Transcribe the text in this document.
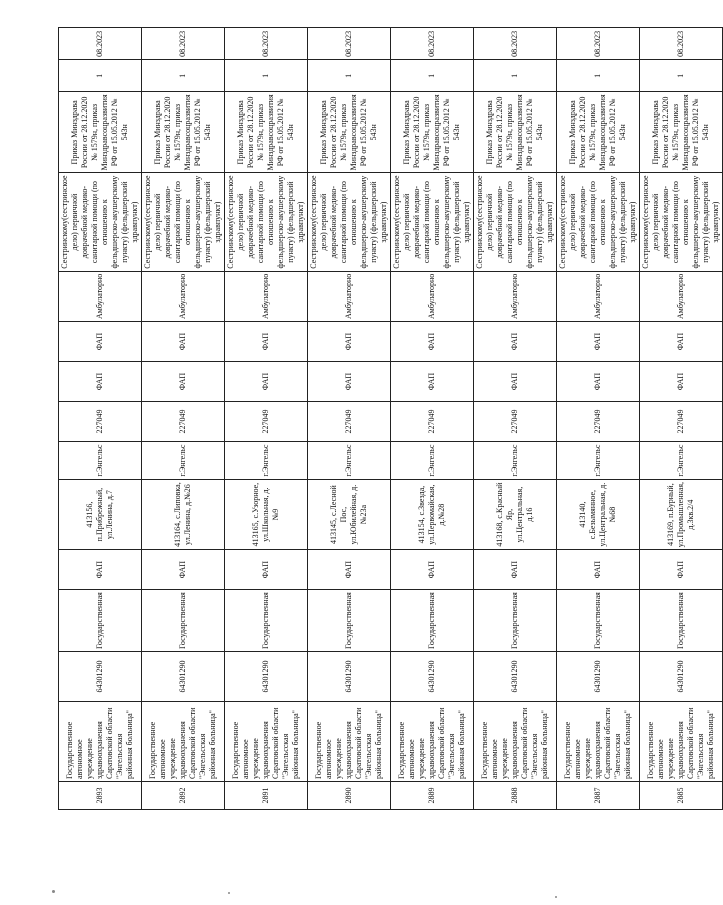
2893	Государственное автономное учреждение здравоохранения Саратовской области "Энгельсская районная больница"	64301290	Государственная	ФАП	413156, п.Прибрежный, ул.Ленина, д.7	г.Энгельс	227049	ФАП	ФАП	Амбулаторно	Сестринскому(сестринское дело) первичной доврачебной медико-санитарной помощи (по отношению к фельдшерско-акушерскому пункту) (фельдшерский здравпункт)	Приказ Минздрава России от 28.12.2020 № 1579н, приказ Минздравсоцразвития РФ от 15.05.2012 № 543н	1	08.2023
2892	Государственное автономное учреждение здравоохранения Саратовской области "Энгельсская районная больница"	64301290	Государственная	ФАП	413164, с.Липовка, ул.Ленина, д.№26	г.Энгельс	227049	ФАП	ФАП	Амбулаторно	Сестринскому(сестринское дело) первичной доврачебной медико-санитарной помощи (по отношению к фельдшерско-акушерскому пункту) (фельдшерский здравпункт)	Приказ Минздрава России от 28.12.2020 № 1579н, приказ Минздравсоцразвития РФ от 15.05.2012 № 543н	1	08.2023
2891	Государственное автономное учреждение здравоохранения Саратовской области "Энгельсская районная больница"	64301290	Государственная	ФАП	413165, с.Узорное, ул.Школьная, д.№9	г.Энгельс	227049	ФАП	ФАП	Амбулаторно	Сестринскому(сестринское дело) первичной доврачебной медико-санитарной помощи (по отношению к фельдшерско-акушерскому пункту) (фельдшерский здравпункт)	Приказ Минздрава России от 28.12.2020 № 1579н, приказ Минздравсоцразвития РФ от 15.05.2012 № 543н	1	08.2023
2890	Государственное автономное учреждение здравоохранения Саратовской области "Энгельсская районная больница"	64301290	Государственная	ФАП	413145, с.Лесной Пос, ул.Юбилейная, д.№23а	г.Энгельс	227049	ФАП	ФАП	Амбулаторно	Сестринскому(сестринское дело) первичной доврачебной медико-санитарной помощи (по отношению к фельдшерско-акушерскому пункту) (фельдшерский здравпункт)	Приказ Минздрава России от 28.12.2020 № 1579н, приказ Минздравсоцразвития РФ от 15.05.2012 № 543н	1	08.2023
2889	Государственное автономное учреждение здравоохранения Саратовской области "Энгельсская районная больница"	64301290	Государственная	ФАП	413154, с.Звезда, ул.Первомайская, д.№28	г.Энгельс	227049	ФАП	ФАП	Амбулаторно	Сестринскому(сестринское дело) первичной доврачебной медико-санитарной помощи (по отношению к фельдшерско-акушерскому пункту) (фельдшерский здравпункт)	Приказ Минздрава России от 28.12.2020 № 1579н, приказ Минздравсоцразвития РФ от 15.05.2012 № 543н	1	08.2023
2888	Государственное автономное учреждение здравоохранения Саратовской области "Энгельсская районная больница"	64301290	Государственная	ФАП	413168, с.Красный Яр, ул.Центральная, д.16	г.Энгельс	227049	ФАП	ФАП	Амбулаторно	Сестринскому(сестринское дело) первичной доврачебной медико-санитарной помощи (по отношению к фельдшерско-акушерскому пункту) (фельдшерский здравпункт)	Приказ Минздрава России от 28.12.2020 № 1579н, приказ Минздравсоцразвития РФ от 15.05.2012 № 543н	1	08.2023
2887	Государственное автономное учреждение здравоохранения Саратовской области "Энгельсская районная больница"	64301290	Государственная	ФАП	413140, с.Безымянное, ул.Центральная, д.№68	г.Энгельс	227049	ФАП	ФАП	Амбулаторно	Сестринскому(сестринское дело) первичной доврачебной медико-санитарной помощи (по отношению к фельдшерско-акушерскому пункту) (фельдшерский здравпункт)	Приказ Минздрава России от 28.12.2020 № 1579н, приказ Минздравсоцразвития РФ от 15.05.2012 № 543н	1	08.2023
2885	Государственное автономное учреждение здравоохранения Саратовской области "Энгельсская районная больница"	64301290	Государственная	ФАП	413169, п.Бурный, ул.Промышленная, д.3кв.2/4	г.Энгельс	227049	ФАП	ФАП	Амбулаторно	Сестринскому(сестринское дело) первичной доврачебной медико-санитарной помощи (по отношению к фельдшерско-акушерскому пункту) (фельдшерский здравпункт)	Приказ Минздрава России от 28.12.2020 № 1579н, приказ Минздравсоцразвития РФ от 15.05.2012 № 543н	1	08.2023
